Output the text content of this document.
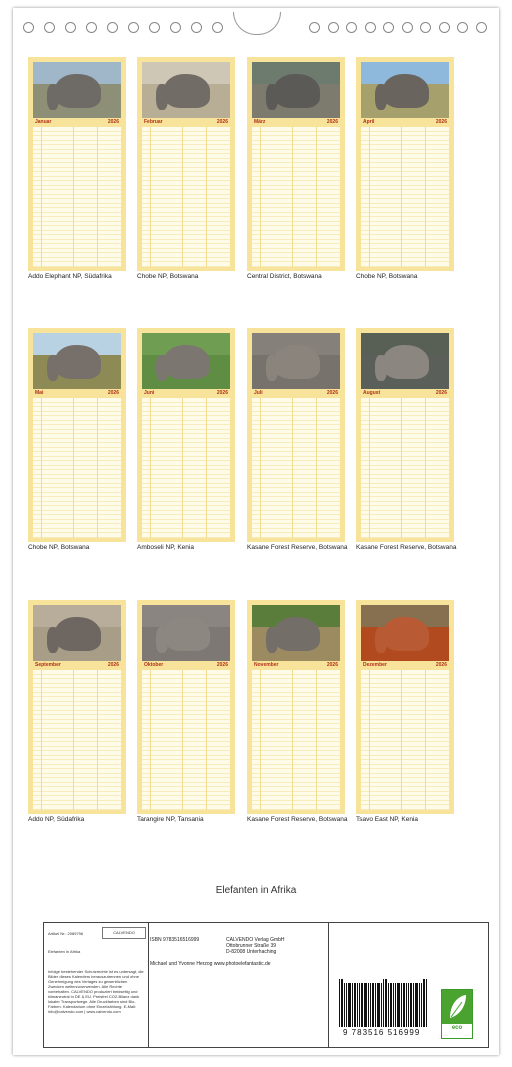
Januar	2026
Addo Elephant NP, Südafrika
Februar	2026
Chobe NP, Botswana
März	2026
Central District, Botswana
April	2026
Chobe NP, Botswana
Mai	2026
Chobe NP, Botswana
Juni	2026
Amboseli NP, Kenia
Juli	2026
Kasane Forest Reserve, Botswana
August	2026
Kasane Forest Reserve, Botswana
September	2026
Addo NP, Südafrika
Oktober	2026
Tarangire NP, Tansania
November	2026
Kasane Forest Reserve, Botswana
Dezember	2026
Tsavo East NP, Kenia
Elefanten in Afrika
Artikel Nr.: 2089796	CALVENDO
Elefanten in Afrika
Infolge bestehender Schutzrechte ist es untersagt, die Bilder dieses Kalenders herauszutrennen und ohne Genehmigung des Verlages zu gewerblichen Zwecken weiterzuverwenden. Alle Rechte vorbehalten. CALVENDO produziert beidseitig und klimaneutral in DE & EU. Preisfrei CO2-Bilanz dank lokaler Transportwege. Alle Druckfarben sind Bio-Farben. Kalendarium ohne Einzelzählung. E-Mail: info@calvendo.com | www.calvendo.com
ISBN 9783516516999	CALVENDO Verlag GmbH
Ottobrunner Straße 39
D-82008 Unterhaching
Michael und Yvonne Herzog www.photoelefantastic.de
9 783516 516999	eco
